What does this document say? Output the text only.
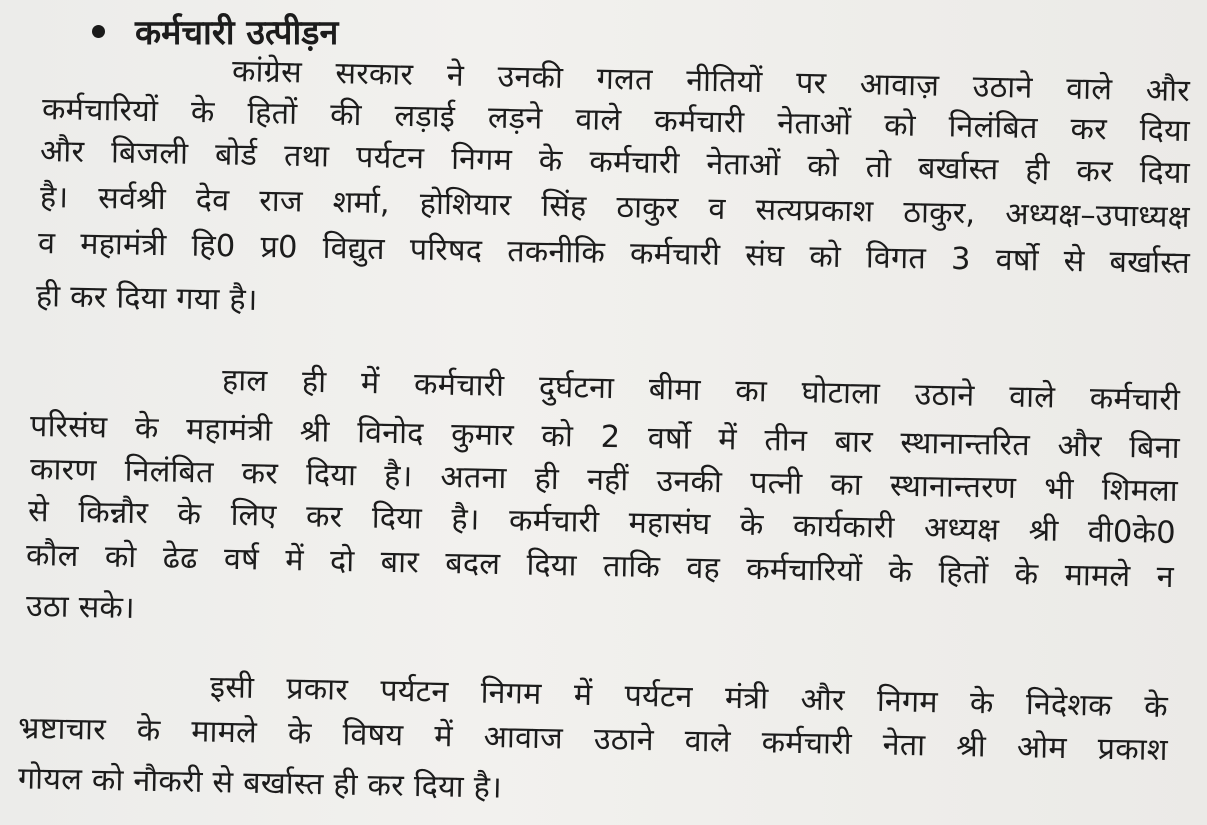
कर्मचारी उत्पीड़न
कांग्रेस सरकार ने उनकी गलत नीतियों पर आवाज़ उठाने वाले और
कर्मचारियों के हितों की लड़ाई लड़ने वाले कर्मचारी नेताओं को निलंबित कर दिया
और बिजली बोर्ड तथा पर्यटन निगम के कर्मचारी नेताओं को तो बर्खास्त ही कर दिया
है। सर्वश्री देव राज शर्मा, होशियार सिंह ठाकुर व सत्यप्रकाश ठाकुर, अध्यक्ष–उपाध्यक्ष
व महामंत्री हि0 प्र0 विद्युत परिषद तकनीकि कर्मचारी संघ को विगत 3 वर्षो से बर्खास्त
ही कर दिया गया है।
हाल ही में कर्मचारी दुर्घटना बीमा का घोटाला उठाने वाले कर्मचारी
परिसंघ के महामंत्री श्री विनोद कुमार को 2 वर्षो में तीन बार स्थानान्तरित और बिना
कारण निलंबित कर दिया है। अतना ही नहीं उनकी पत्नी का स्थानान्तरण भी शिमला
से किन्नौर के लिए कर दिया है। कर्मचारी महासंघ के कार्यकारी अध्यक्ष श्री वी0के0
कौल को ढेढ वर्ष में दो बार बदल दिया ताकि वह कर्मचारियों के हितों के मामले न
उठा सके।
इसी प्रकार पर्यटन निगम में पर्यटन मंत्री और निगम के निदेशक के
भ्रष्टाचार के मामले के विषय में आवाज उठाने वाले कर्मचारी नेता श्री ओम प्रकाश
गोयल को नौकरी से बर्खास्त ही कर दिया है।
